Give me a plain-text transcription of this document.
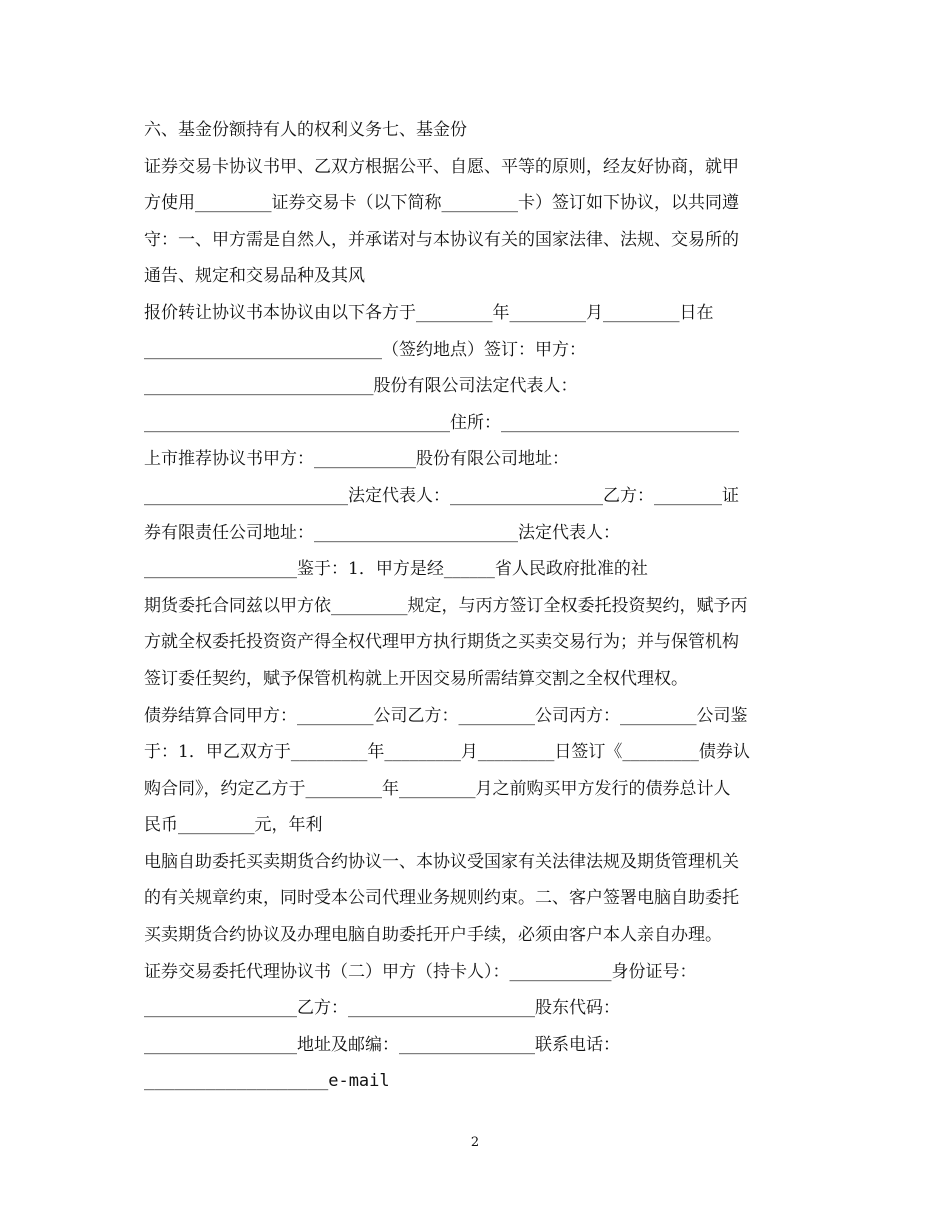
六、基金份额持有人的权利义务七、基金份
证券交易卡协议书甲、乙双方根据公平、自愿、平等的原则，经友好协商，就甲
方使用_________证券交易卡（以下简称_________卡）签订如下协议，以共同遵
守：一、甲方需是自然人，并承诺对与本协议有关的国家法律、法规、交易所的
通告、规定和交易品种及其风
报价转让协议书本协议由以下各方于_________年_________月_________日在
____________________________（签约地点）签订：甲方：
___________________________股份有限公司法定代表人：
____________________________________住所：____________________________
上市推荐协议书甲方：____________股份有限公司地址：
________________________法定代表人：__________________乙方：________证
券有限责任公司地址：________________________法定代表人：
__________________鉴于：1．甲方是经______省人民政府批准的社
期货委托合同兹以甲方依_________规定，与丙方签订全权委托投资契约，赋予丙
方就全权委托投资资产得全权代理甲方执行期货之买卖交易行为；并与保管机构
签订委任契约，赋予保管机构就上开因交易所需结算交割之全权代理权。
债券结算合同甲方：_________公司乙方：_________公司丙方：_________公司鉴
于：1．甲乙双方于_________年_________月_________日签订《_________债券认
购合同》，约定乙方于_________年_________月之前购买甲方发行的债券总计人
民币_________元，年利
电脑自助委托买卖期货合约协议一、本协议受国家有关法律法规及期货管理机关
的有关规章约束，同时受本公司代理业务规则约束。二、客户签署电脑自助委托
买卖期货合约协议及办理电脑自助委托开户手续，必须由客户本人亲自办理。
证券交易委托代理协议书（二）甲方（持卡人）：____________身份证号：
__________________乙方：______________________股东代码：
__________________地址及邮编：________________联系电话：
__________________e-mail
2
